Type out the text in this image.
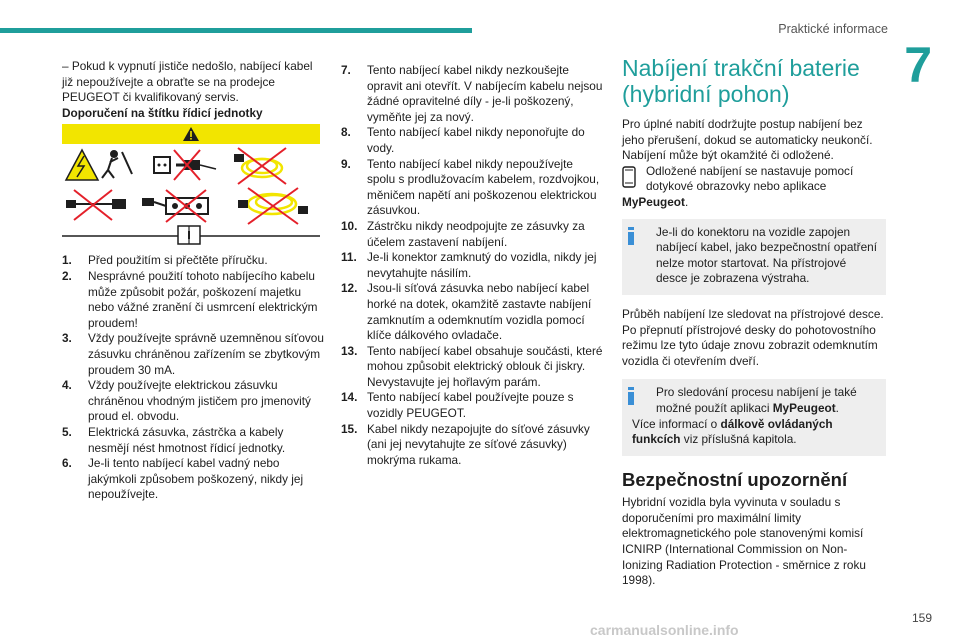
Praktické informace
7

– Pokud k vypnutí jističe nedošlo, nabíjecí kabel již nepoužívejte a obraťte se na prodejce PEUGEOT či kvalifikovaný servis.

Doporučení na štítku řídicí jednotky

1.	Před použitím si přečtěte příručku.
2.	Nesprávné použití tohoto nabíjecího kabelu může způsobit požár, poškození majetku nebo vážné zranění či usmrcení elektrickým proudem!
3.	Vždy používejte správně uzemněnou síťovou zásuvku chráněnou zařízením se zbytkovým proudem 30 mA.
4.	Vždy používejte elektrickou zásuvku chráněnou vhodným jističem pro jmenovitý proud el. obvodu.
5.	Elektrická zásuvka, zástrčka a kabely nesmějí nést hmotnost řídicí jednotky.
6.	Je-li tento nabíjecí kabel vadný nebo jakýmkoli způsobem poškozený, nikdy jej nepoužívejte.
7.	Tento nabíjecí kabel nikdy nezkoušejte opravit ani otevřít. V nabíjecím kabelu nejsou žádné opravitelné díly - je-li poškozený, vyměňte jej za nový.
8.	Tento nabíjecí kabel nikdy neponořujte do vody.
9.	Tento nabíjecí kabel nikdy nepoužívejte spolu s prodlužovacím kabelem, rozdvojkou, měničem napětí ani poškozenou elektrickou zásuvkou.
10. Zástrčku nikdy neodpojujte ze zásuvky za účelem zastavení nabíjení.
11. Je-li konektor zamknutý do vozidla, nikdy jej nevytahujte násilím.
12. Jsou-li síťová zásuvka nebo nabíjecí kabel horké na dotek, okamžitě zastavte nabíjení zamknutím a odemknutím vozidla pomocí klíče dálkového ovladače.
13. Tento nabíjecí kabel obsahuje součásti, které mohou způsobit elektrický oblouk či jiskry. Nevystavujte jej hořlavým parám.
14. Tento nabíjecí kabel používejte pouze s vozidly PEUGEOT.
15. Kabel nikdy nezapojujte do síťové zásuvky (ani jej nevytahujte ze síťové zásuvky) mokrýma rukama.
Nabíjení trakční baterie (hybridní pohon)

Pro úplné nabití dodržujte postup nabíjení bez jeho přerušení, dokud se automaticky neukončí.

Nabíjení může být okamžité či odložené.

Odložené nabíjení se nastavuje pomocí dotykové obrazovky nebo aplikace

MyPeugeot.

Je-li do konektoru na vozidle zapojen nabíjecí kabel, jako bezpečnostní opatření nelze motor startovat. Na přístrojové desce je zobrazena výstraha.

Průběh nabíjení lze sledovat na přístrojové desce. Po přepnutí přístrojové desky do pohotovostního režimu lze tyto údaje znovu zobrazit odemknutím vozidla či otevřením dveří.

Pro sledování procesu nabíjení je také možné použít aplikaci MyPeugeot.

Více informací o dálkově ovládaných funkcích viz příslušná kapitola.

Bezpečnostní upozornění

Hybridní vozidla byla vyvinuta v souladu s doporučeními pro maximální limity elektromagnetického pole stanovenými komisí ICNIRP (International Commission on Non-Ionizing Radiation Protection - směrnice z roku 1998).

159
carmanualsonline.info
